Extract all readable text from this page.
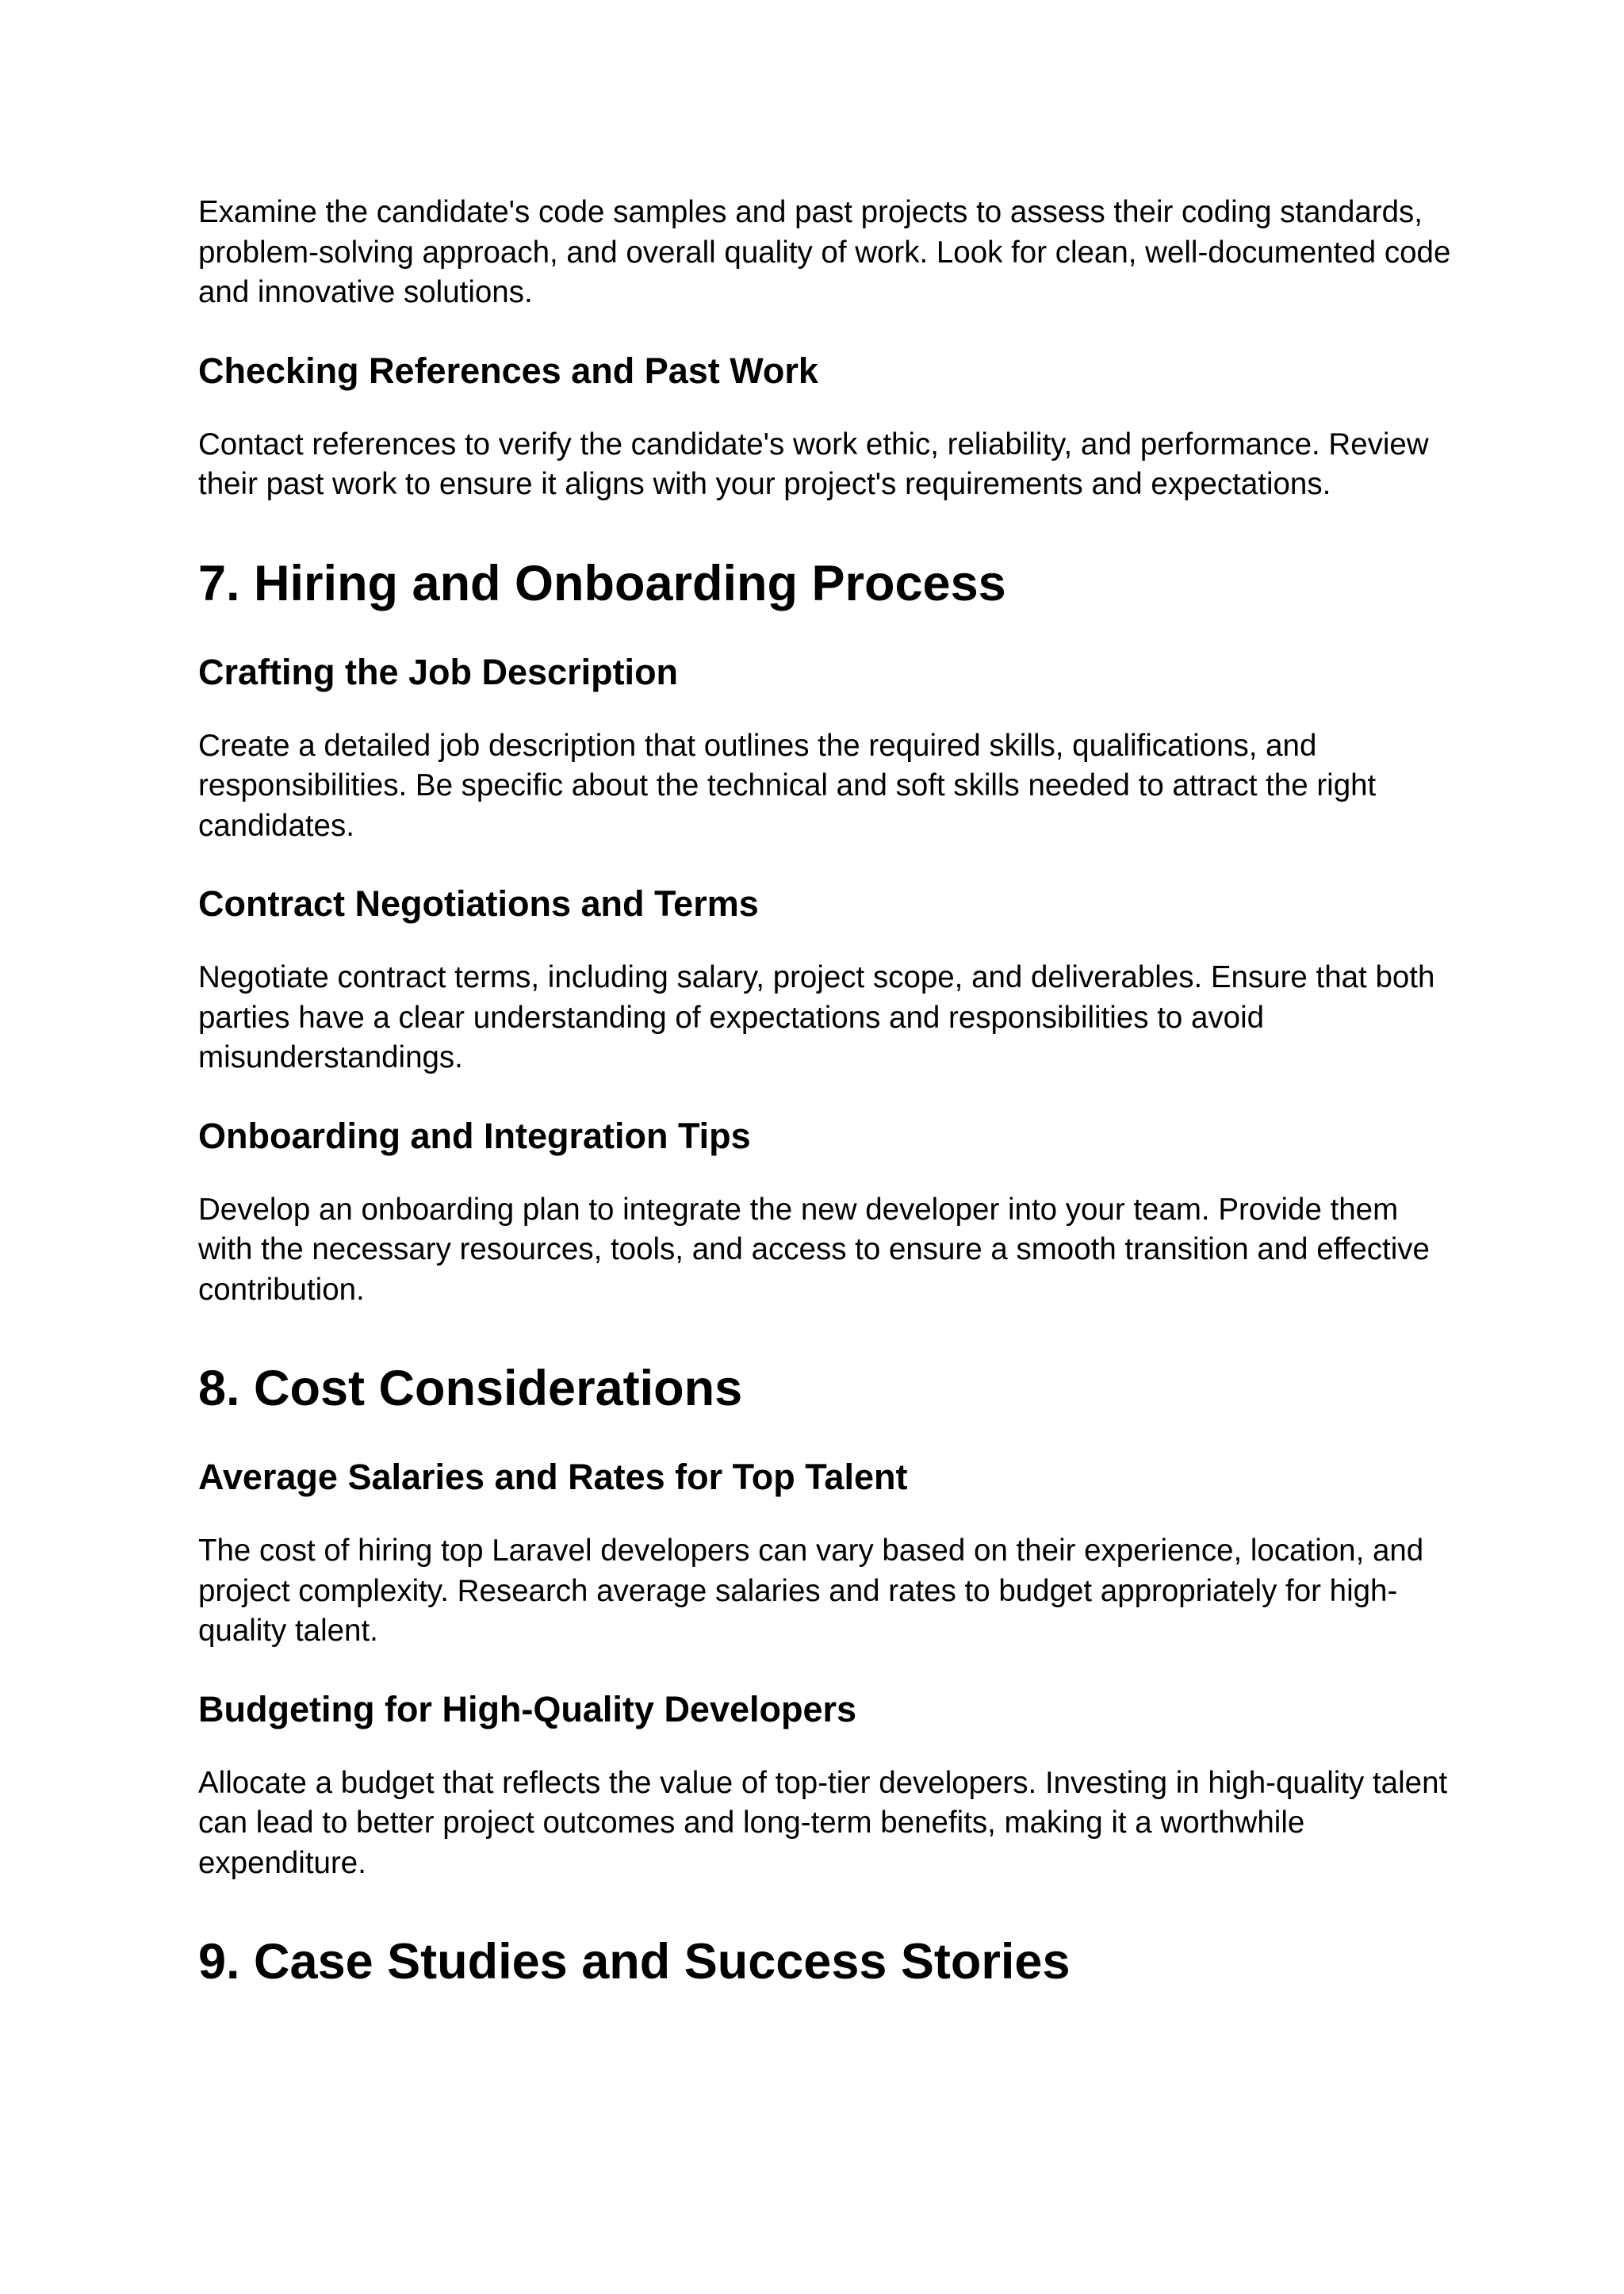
Examine the candidate's code samples and past projects to assess their coding standards, problem-solving approach, and overall quality of work. Look for clean, well-documented code and innovative solutions.

Checking References and Past Work

Contact references to verify the candidate's work ethic, reliability, and performance. Review their past work to ensure it aligns with your project's requirements and expectations.

7. Hiring and Onboarding Process
Crafting the Job Description

Create a detailed job description that outlines the required skills, qualifications, and responsibilities. Be specific about the technical and soft skills needed to attract the right candidates.

Contract Negotiations and Terms

Negotiate contract terms, including salary, project scope, and deliverables. Ensure that both parties have a clear understanding of expectations and responsibilities to avoid misunderstandings.

Onboarding and Integration Tips

Develop an onboarding plan to integrate the new developer into your team. Provide them with the necessary resources, tools, and access to ensure a smooth transition and effective contribution.

8. Cost Considerations
Average Salaries and Rates for Top Talent

The cost of hiring top Laravel developers can vary based on their experience, location, and project complexity. Research average salaries and rates to budget appropriately for high-quality talent.

Budgeting for High-Quality Developers

Allocate a budget that reflects the value of top-tier developers. Investing in high-quality talent can lead to better project outcomes and long-term benefits, making it a worthwhile expenditure.

9. Case Studies and Success Stories
